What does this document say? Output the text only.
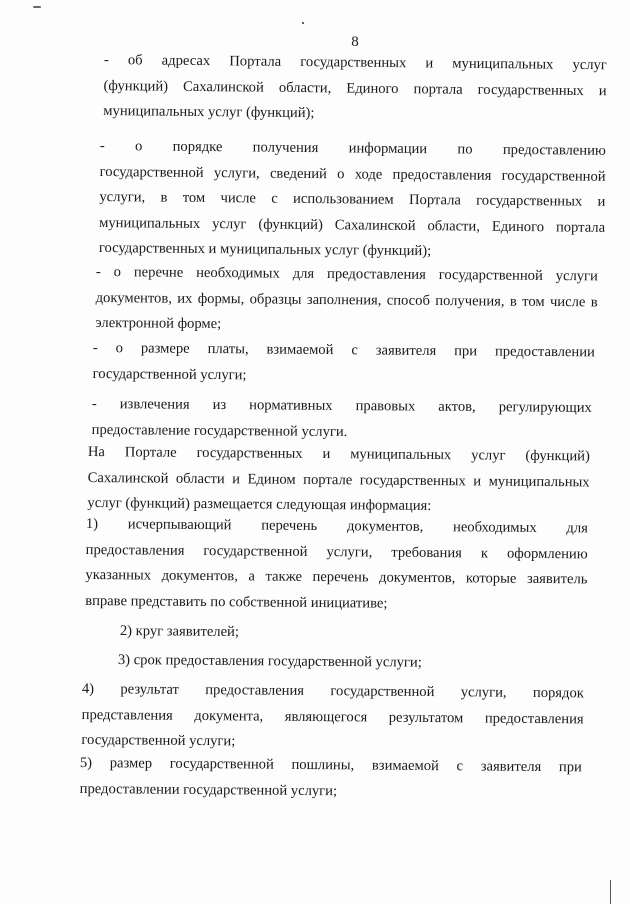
8
- об адресах Портала государственных и муниципальных услуг
(функций) Сахалинской области, Единого портала государственных и
муниципальных услуг (функций);
- о порядке получения информации по предоставлению
государственной услуги, сведений о ходе предоставления государственной
услуги, в том числе с использованием Портала государственных и
муниципальных услуг (функций) Сахалинской области, Единого портала
государственных и муниципальных услуг (функций);
- о перечне необходимых для предоставления государственной услуги
документов, их формы, образцы заполнения, способ получения, в том числе в
электронной форме;
- о размере платы, взимаемой с заявителя при предоставлении
государственной услуги;
- извлечения из нормативных правовых актов, регулирующих
предоставление государственной услуги.
На Портале государственных и муниципальных услуг (функций)
Сахалинской области и Едином портале государственных и муниципальных
услуг (функций) размещается следующая информация:
1) исчерпывающий перечень документов, необходимых для
предоставления государственной услуги, требования к оформлению
указанных документов, а также перечень документов, которые заявитель
вправе представить по собственной инициативе;
2) круг заявителей;
3) срок предоставления государственной услуги;
4) результат предоставления государственной услуги, порядок
представления документа, являющегося результатом предоставления
государственной услуги;
5) размер государственной пошлины, взимаемой с заявителя при
предоставлении государственной услуги;
